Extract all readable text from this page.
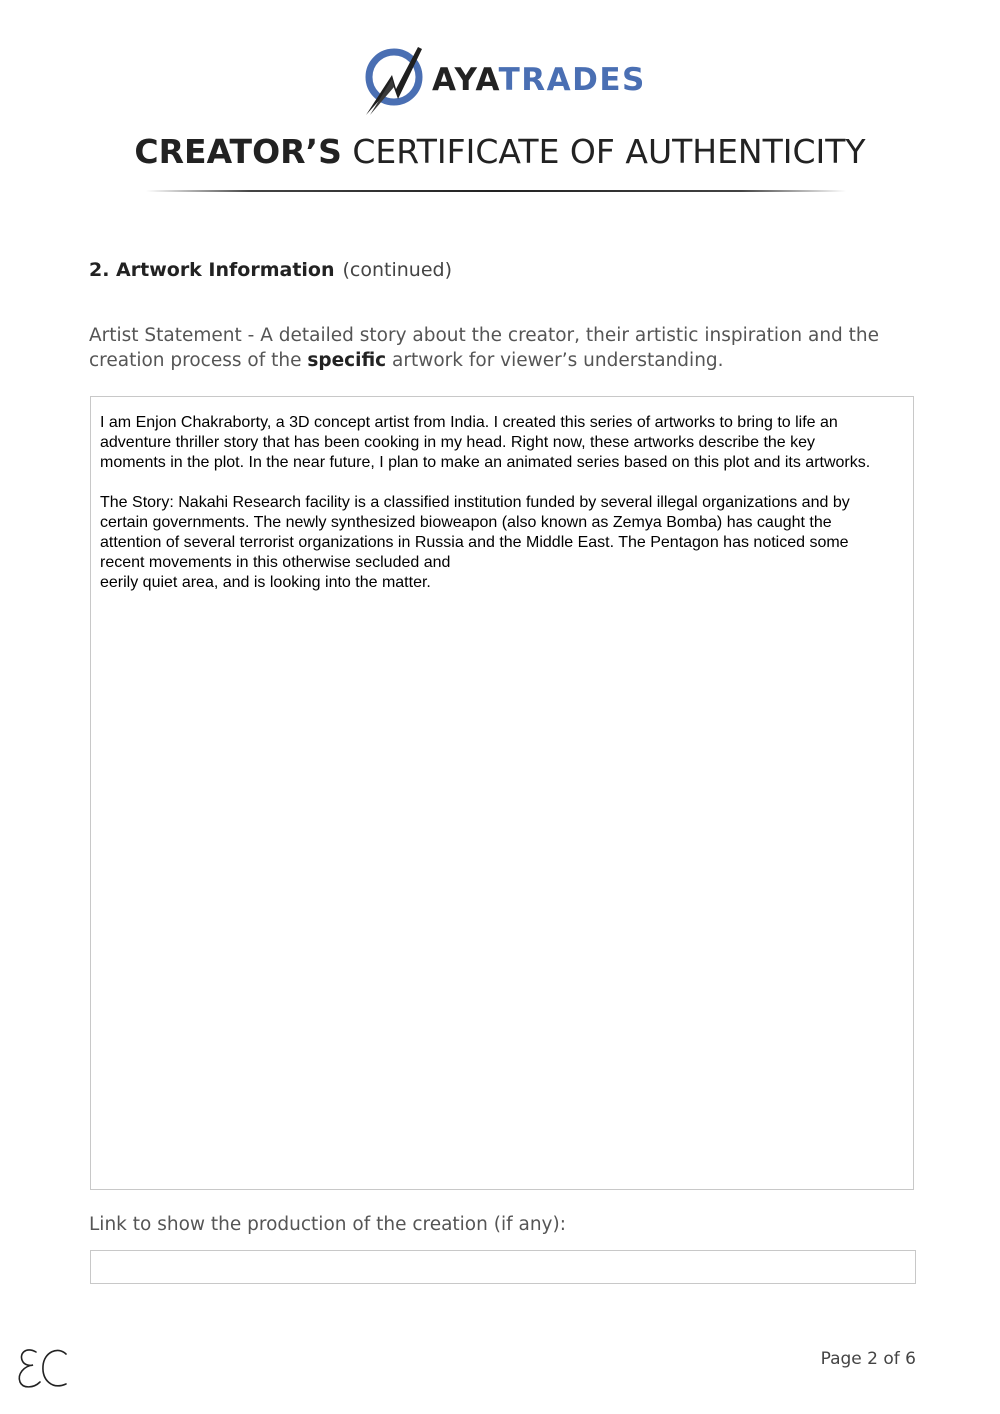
AYATRADES
CREATOR’S CERTIFICATE OF AUTHENTICITY
2. Artwork Information (continued)
Artist Statement - A detailed story about the creator, their artistic inspiration and the creation process of the specific artwork for viewer’s understanding.

I am Enjon Chakraborty, a 3D concept artist from India. I created this series of artworks to bring to life an
adventure thriller story that has been cooking in my head. Right now, these artworks describe the key
moments in the plot. In the near future, I plan to make an animated series based on this plot and its artworks.

The Story: Nakahi Research facility is a classified institution funded by several illegal organizations and by
certain governments. The newly synthesized bioweapon (also known as Zemya Bomba) has caught the
attention of several terrorist organizations in Russia and the Middle East. The Pentagon has noticed some
recent movements in this otherwise secluded and
eerily quiet area, and is looking into the matter.

Link to show the production of the creation (if any):
Page 2 of 6
